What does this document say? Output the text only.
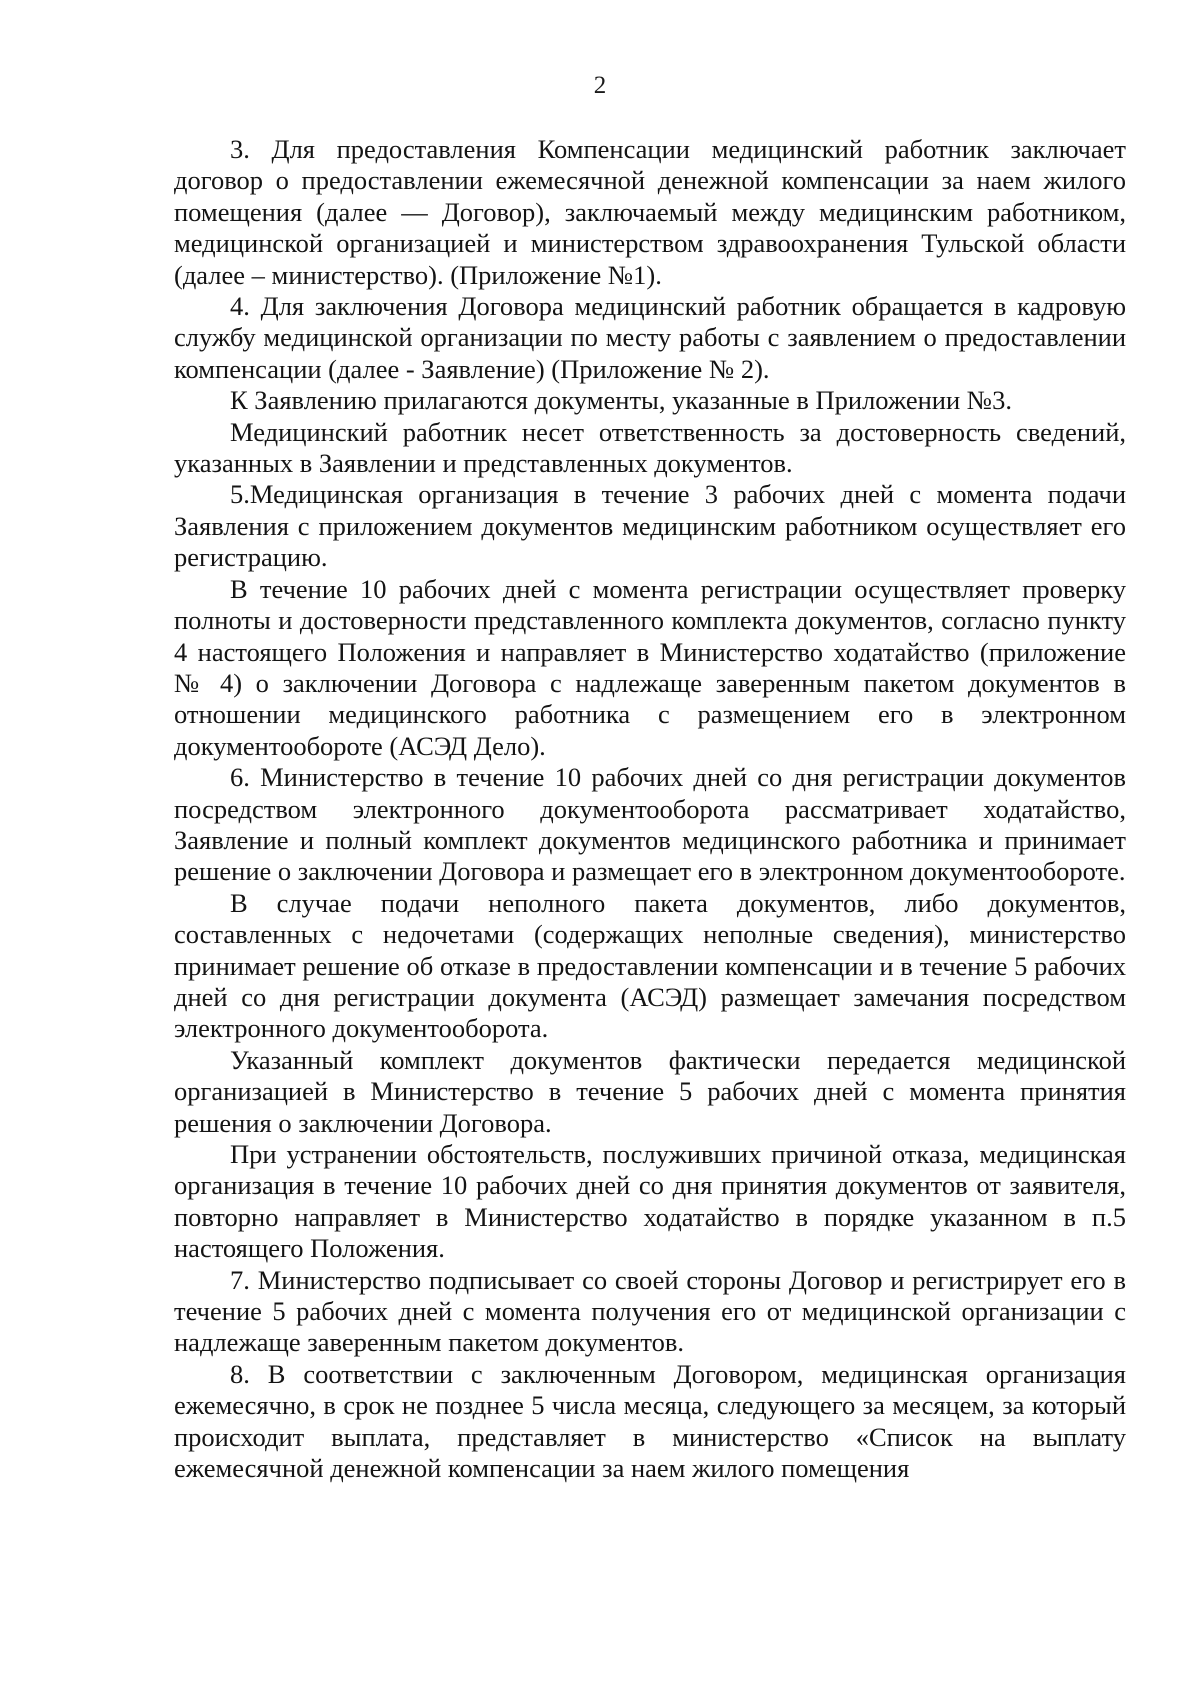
2

3. Для предоставления Компенсации медицинский работник заключает договор о предоставлении ежемесячной денежной компенсации за наем жилого помещения (далее — Договор), заключаемый между медицинским работником, медицинской организацией и министерством здравоохранения Тульской области (далее – министерство). (Приложение №1).

4. Для заключения Договора медицинский работник обращается в кадровую службу медицинской организации по месту работы с заявлением о предоставлении компенсации (далее - Заявление) (Приложение № 2).

К Заявлению прилагаются документы, указанные в Приложении №3.

Медицинский работник несет ответственность за достоверность сведений, указанных в Заявлении и представленных документов.

5.Медицинская организация в течение 3 рабочих дней с момента подачи Заявления с приложением документов медицинским работником осуществляет его регистрацию.

В течение 10 рабочих дней с момента регистрации осуществляет проверку полноты и достоверности представленного комплекта документов, согласно пункту 4 настоящего Положения и направляет в Министерство ходатайство (приложение № 4) о заключении Договора с надлежаще заверенным пакетом документов в отношении медицинского работника с размещением его в электронном документообороте (АСЭД Дело).

6. Министерство в течение 10 рабочих дней со дня регистрации документов посредством электронного документооборота рассматривает ходатайство, Заявление и полный комплект документов медицинского работника и принимает решение о заключении Договора и размещает его в электронном документообороте.

В случае подачи неполного пакета документов, либо документов, составленных с недочетами (содержащих неполные сведения), министерство принимает решение об отказе в предоставлении компенсации и в течение 5 рабочих дней со дня регистрации документа (АСЭД) размещает замечания посредством электронного документооборота.

Указанный комплект документов фактически передается медицинской организацией в Министерство в течение 5 рабочих дней с момента принятия решения о заключении Договора.

При устранении обстоятельств, послуживших причиной отказа, медицинская организация в течение 10 рабочих дней со дня принятия документов от заявителя, повторно направляет в Министерство ходатайство в порядке указанном в п.5 настоящего Положения.

7. Министерство подписывает со своей стороны Договор и регистрирует его в течение 5 рабочих дней с момента получения его от медицинской организации с надлежаще заверенным пакетом документов.

8. В соответствии с заключенным Договором, медицинская организация ежемесячно, в срок не позднее 5 числа месяца, следующего за месяцем, за который происходит выплата, представляет в министерство «Список на выплату ежемесячной денежной компенсации за наем жилого помещения
